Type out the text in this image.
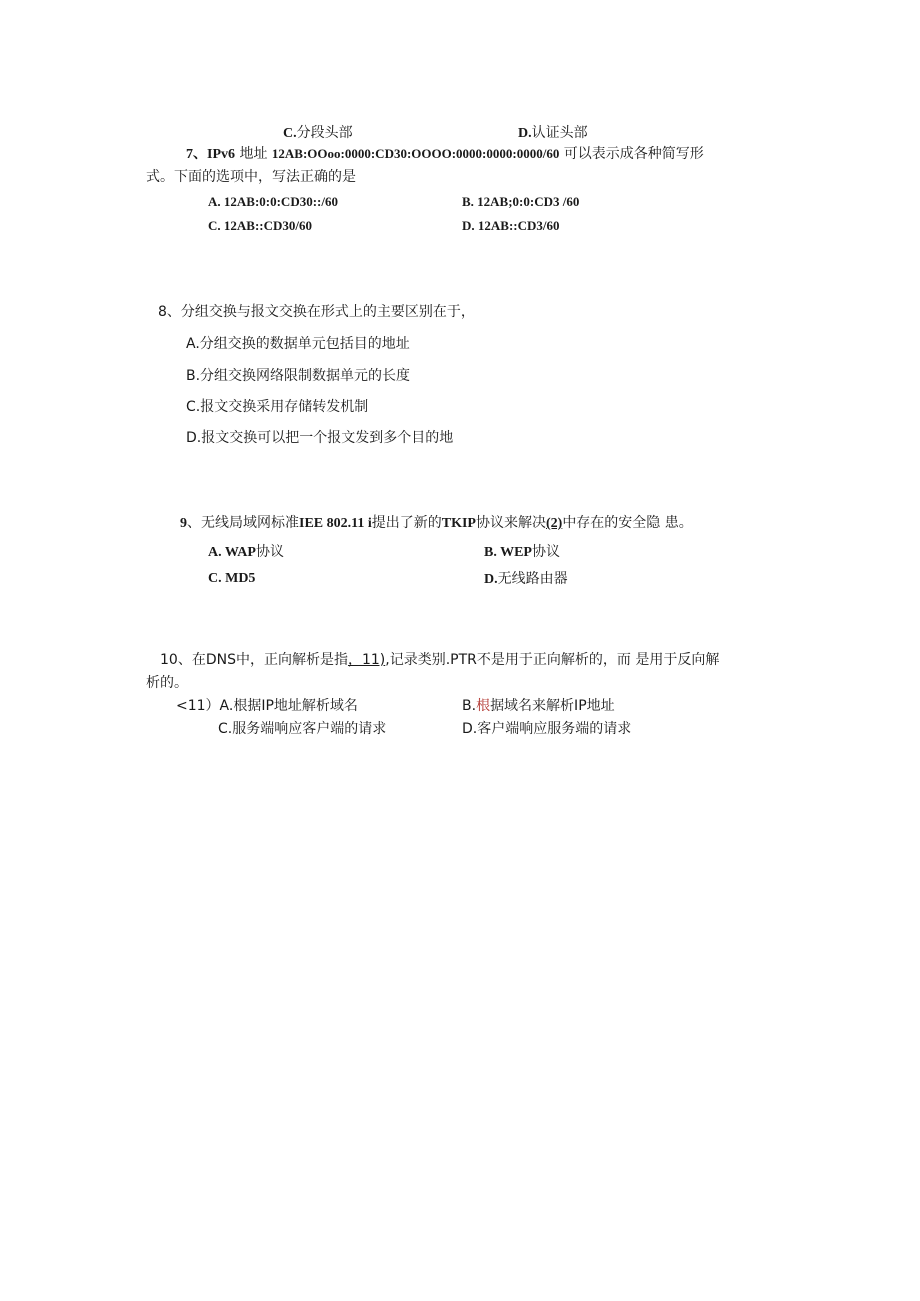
C.分段头部	D.认证头部
7、IPv6 地址 12AB:OOoo:0000:CD30:OOOO:0000:0000:0000/60 可以表示成各种简写形
式。下面的选项中，写法正确的是
A. 12AB:0:0:CD30::/60	B. 12AB;0:0:CD3 /60
C. 12AB::CD30/60	D. 12AB::CD3/60
8、分组交换与报文交换在形式上的主要区别在于，
A.分组交换的数据单元包括目的地址
B.分组交换网络限制数据单元的长度
C.报文交换采用存储转发机制
D.报文交换可以把一个报文发到多个目的地
9、无线局域网标准IEE 802.11 i提出了新的TKIP协议来解决(2)中存在的安全隐 患。
A. WAP协议	B. WEP协议
C. MD5	D.无线路由器
10、在DNS中，正向解析是指，11),记录类别.PTR不是用于正向解析的，而 是用于反向解
析的。
<11）A.根据IP地址解析域名	B.根据域名来解析IP地址
C.服务端响应客户端的请求	D.客户端响应服务端的请求
